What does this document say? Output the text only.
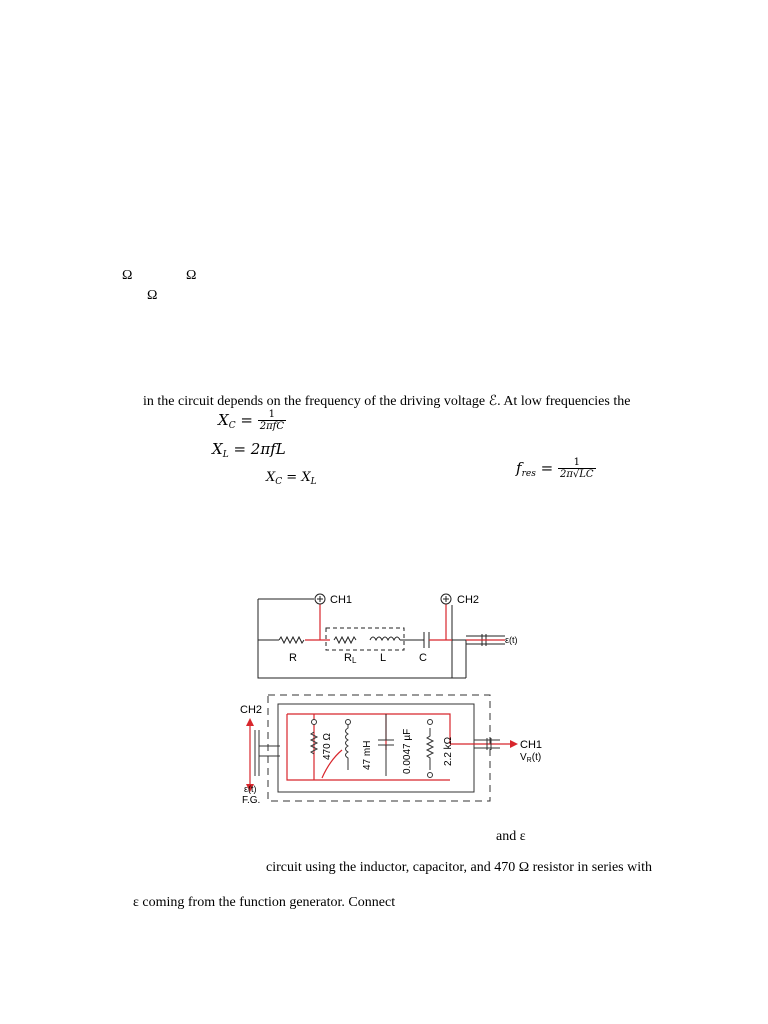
Ω	Ω
Ω
in the circuit depends on the frequency of the driving voltage ℰ. At low frequencies the
$X_C = \frac{1}{\text{2πfC}}$
$X_L = 2\pi fL$
$X_C = X_L$
$f_{res} = \frac{1}{2\pi√LC}$
CH1	CH2
R	RL L	C
ε(t)
CH2
CH1
$V_R(t)$
ε(t)
F.G.
470 Ω	47 mH	0.0047 µF	2.2 kΩ
and ε
circuit using the inductor, capacitor, and 470 Ω resistor in series with
ε coming from the function generator. Connect
